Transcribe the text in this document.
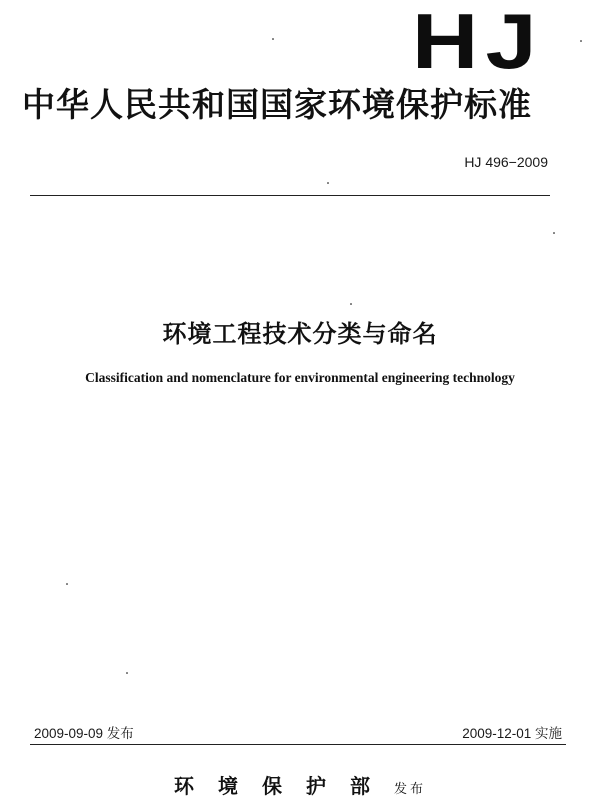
HJ
中华人民共和国国家环境保护标准
HJ 496−2009
环境工程技术分类与命名
Classification and nomenclature for environmental engineering technology
2009-09-09 发布	2009-12-01 实施
环境保护部发布
